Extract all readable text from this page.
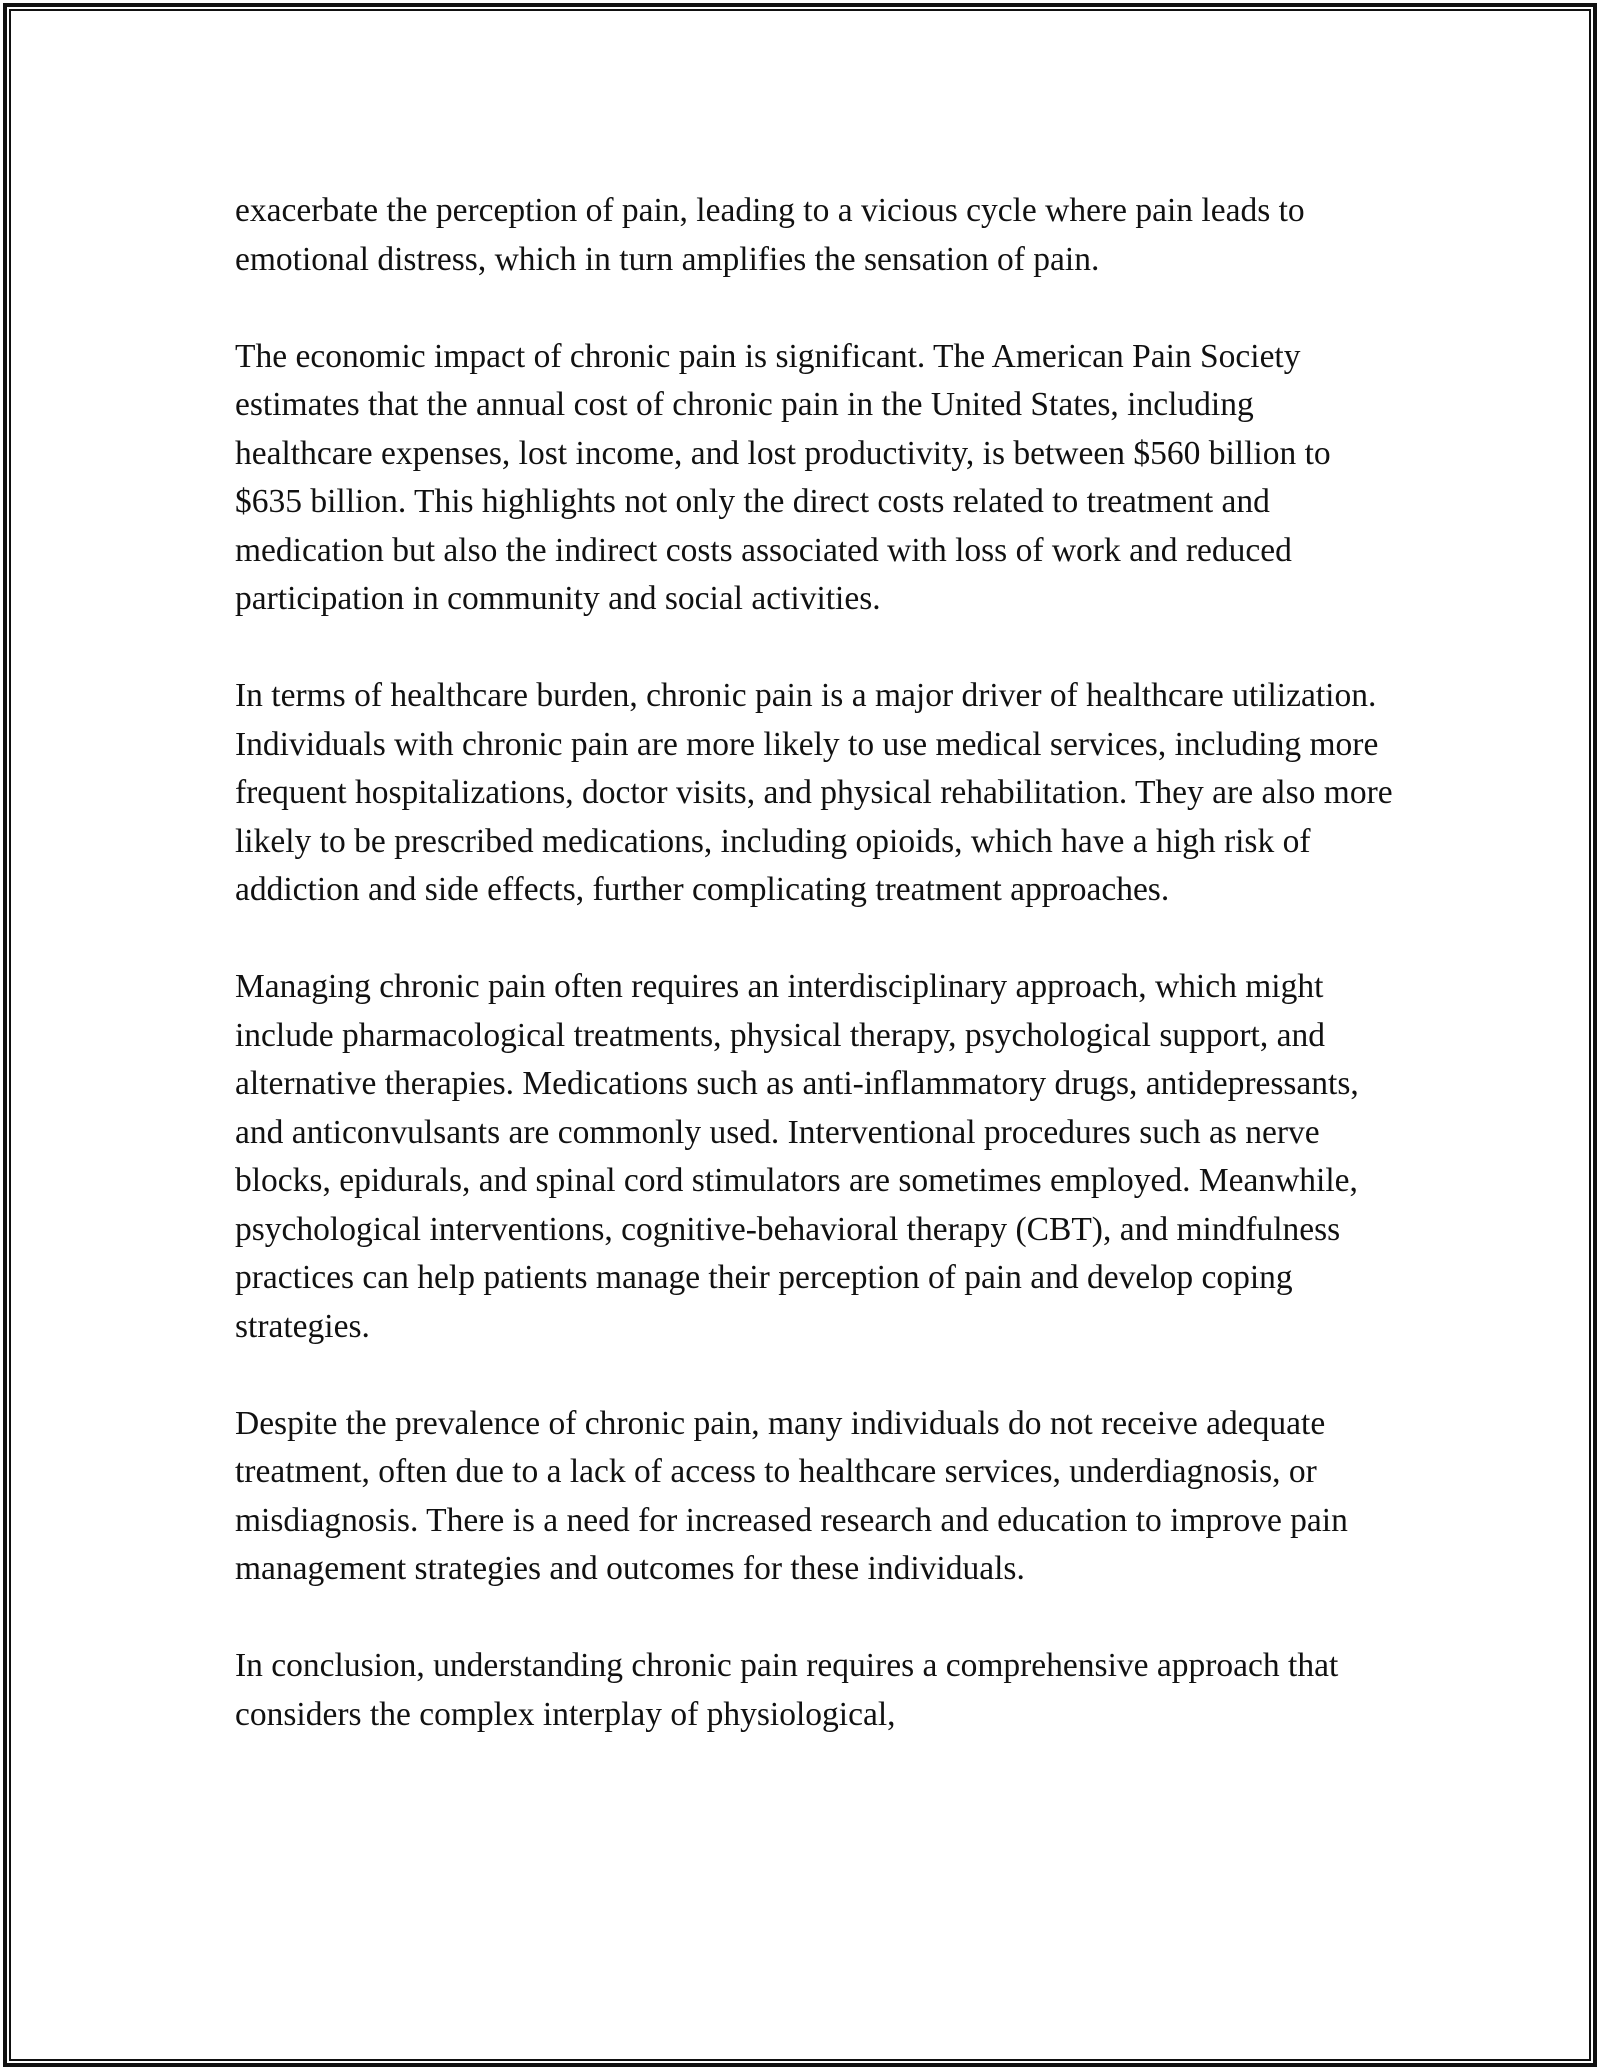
exacerbate the perception of pain, leading to a vicious cycle where pain leads to emotional distress, which in turn amplifies the sensation of pain.

The economic impact of chronic pain is significant. The American Pain Society estimates that the annual cost of chronic pain in the United States, including healthcare expenses, lost income, and lost productivity, is between $560 billion to $635 billion. This highlights not only the direct costs related to treatment and medication but also the indirect costs associated with loss of work and reduced participation in community and social activities.

In terms of healthcare burden, chronic pain is a major driver of healthcare utilization. Individuals with chronic pain are more likely to use medical services, including more frequent hospitalizations, doctor visits, and physical rehabilitation. They are also more likely to be prescribed medications, including opioids, which have a high risk of addiction and side effects, further complicating treatment approaches.

Managing chronic pain often requires an interdisciplinary approach, which might include pharmacological treatments, physical therapy, psychological support, and alternative therapies. Medications such as anti-inflammatory drugs, antidepressants, and anticonvulsants are commonly used. Interventional procedures such as nerve blocks, epidurals, and spinal cord stimulators are sometimes employed. Meanwhile, psychological interventions, cognitive-behavioral therapy (CBT), and mindfulness practices can help patients manage their perception of pain and develop coping strategies.

Despite the prevalence of chronic pain, many individuals do not receive adequate treatment, often due to a lack of access to healthcare services, underdiagnosis, or misdiagnosis. There is a need for increased research and education to improve pain management strategies and outcomes for these individuals.

In conclusion, understanding chronic pain requires a comprehensive approach that considers the complex interplay of physiological,
